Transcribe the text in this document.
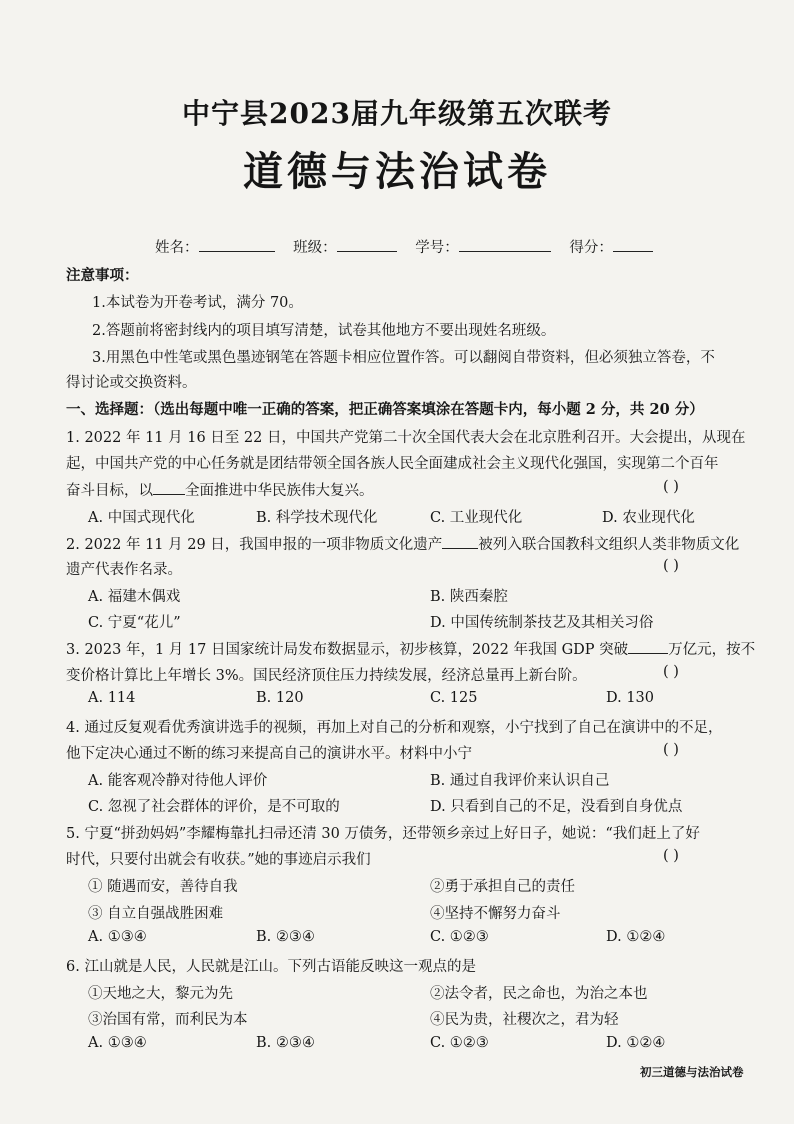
中宁县2023届九年级第五次联考
道德与法治试卷
姓名：	班级：	学号：	得分：
注意事项：
1.本试卷为开卷考试，满分 70。
2.答题前将密封线内的项目填写清楚，试卷其他地方不要出现姓名班级。
3.用黑色中性笔或黑色墨迹钢笔在答题卡相应位置作答。可以翻阅自带资料，但必须独立答卷，不
得讨论或交换资料。
一、选择题：（选出每题中唯一正确的答案，把正确答案填涂在答题卡内，每小题 2 分，共 20 分）
1. 2022 年 11 月 16 日至 22 日，中国共产党第二十次全国代表大会在北京胜利召开。大会提出，从现在
起，中国共产党的中心任务就是团结带领全国各族人民全面建成社会主义现代化强国，实现第二个百年
奋斗目标，以 全面推进中华民族伟大复兴。	( )
A. 中国式现代化	B. 科学技术现代化	C. 工业现代化	D. 农业现代化
2. 2022 年 11 月 29 日，我国申报的一项非物质文化遗产 被列入联合国教科文组织人类非物质文化
遗产代表作名录。	( )
A. 福建木偶戏	B. 陕西秦腔
C. 宁夏“花儿”	D. 中国传统制茶技艺及其相关习俗
3. 2023 年，1 月 17 日国家统计局发布数据显示，初步核算，2022 年我国 GDP 突破	万亿元，按不
变价格计算比上年增长 3%。国民经济顶住压力持续发展，经济总量再上新台阶。	( )
A. 114	B. 120	C. 125	D. 130
4. 通过反复观看优秀演讲选手的视频，再加上对自己的分析和观察，小宁找到了自己在演讲中的不足，
他下定决心通过不断的练习来提高自己的演讲水平。材料中小宁	( )
A. 能客观冷静对待他人评价	B. 通过自我评价来认识自己
C. 忽视了社会群体的评价，是不可取的	D. 只看到自己的不足，没看到自身优点
5. 宁夏“拼劲妈妈”李耀梅靠扎扫帚还清 30 万债务，还带领乡亲过上好日子，她说：“我们赶上了好
时代，只要付出就会有收获。”她的事迹启示我们	( )
① 随遇而安，善待自我	②勇于承担自己的责任
③ 自立自强战胜困难	④坚持不懈努力奋斗
A. ①③④	B. ②③④	C. ①②③	D. ①②④
6. 江山就是人民，人民就是江山。下列古语能反映这一观点的是
①天地之大，黎元为先	②法令者，民之命也，为治之本也
③治国有常，而利民为本	④民为贵，社稷次之，君为轻
A. ①③④	B. ②③④	C. ①②③	D. ①②④
初三道德与法治试卷
